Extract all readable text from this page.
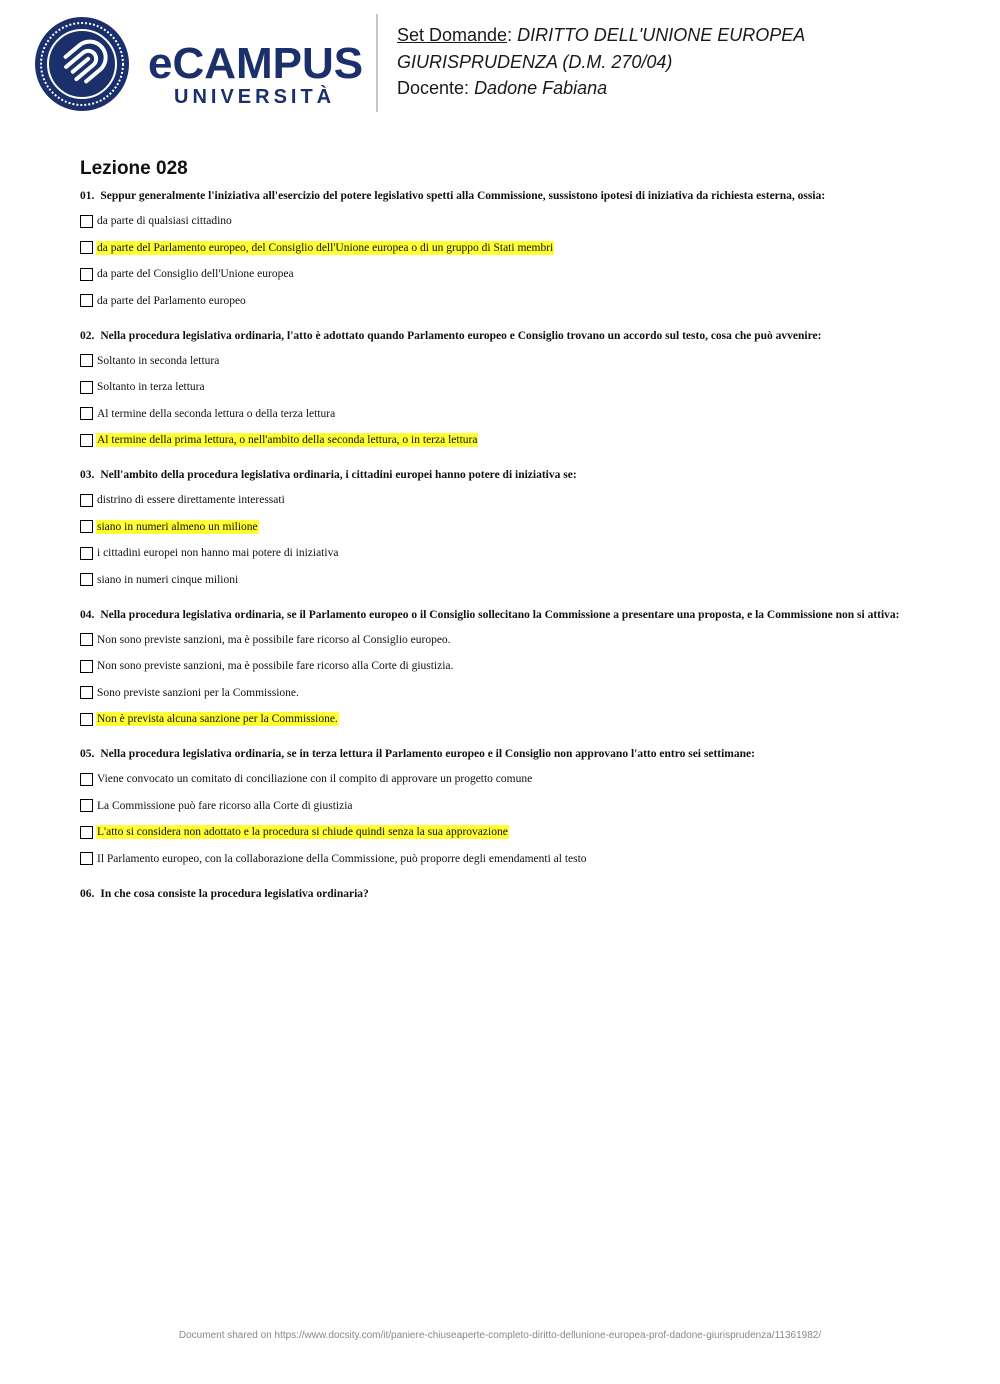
eCAMPUS
UNIVERSITÀ
Set Domande: DIRITTO DELL'UNIONE EUROPEA
GIURISPRUDENZA (D.M. 270/04)
Docente: Dadone Fabiana
Lezione 028
01. Seppur generalmente l'iniziativa all'esercizio del potere legislativo spetti alla Commissione, sussistono ipotesi di iniziativa da richiesta esterna, ossia:
da parte di qualsiasi cittadino
da parte del Parlamento europeo, del Consiglio dell'Unione europea o di un gruppo di Stati membri
da parte del Consiglio dell'Unione europea
da parte del Parlamento europeo
02. Nella procedura legislativa ordinaria, l'atto è adottato quando Parlamento europeo e Consiglio trovano un accordo sul testo, cosa che può avvenire:
Soltanto in seconda lettura
Soltanto in terza lettura
Al termine della seconda lettura o della terza lettura
Al termine della prima lettura, o nell'ambito della seconda lettura, o in terza lettura
03. Nell'ambito della procedura legislativa ordinaria, i cittadini europei hanno potere di iniziativa se:
distrino di essere direttamente interessati
siano in numeri almeno un milione
i cittadini europei non hanno mai potere di iniziativa
siano in numeri cinque milioni
04. Nella procedura legislativa ordinaria, se il Parlamento europeo o il Consiglio sollecitano la Commissione a presentare una proposta, e la Commissione non si attiva:
Non sono previste sanzioni, ma è possibile fare ricorso al Consiglio europeo.
Non sono previste sanzioni, ma è possibile fare ricorso alla Corte di giustizia.
Sono previste sanzioni per la Commissione.
Non è prevista alcuna sanzione per la Commissione.
05. Nella procedura legislativa ordinaria, se in terza lettura il Parlamento europeo e il Consiglio non approvano l'atto entro sei settimane:
Viene convocato un comitato di conciliazione con il compito di approvare un progetto comune
La Commissione può fare ricorso alla Corte di giustizia
L'atto si considera non adottato e la procedura si chiude quindi senza la sua approvazione
Il Parlamento europeo, con la collaborazione della Commissione, può proporre degli emendamenti al testo
06. In che cosa consiste la procedura legislativa ordinaria?
Document shared on https://www.docsity.com/it/paniere-chiuseaperte-completo-diritto-dellunione-europea-prof-dadone-giurisprudenza/11361982/
